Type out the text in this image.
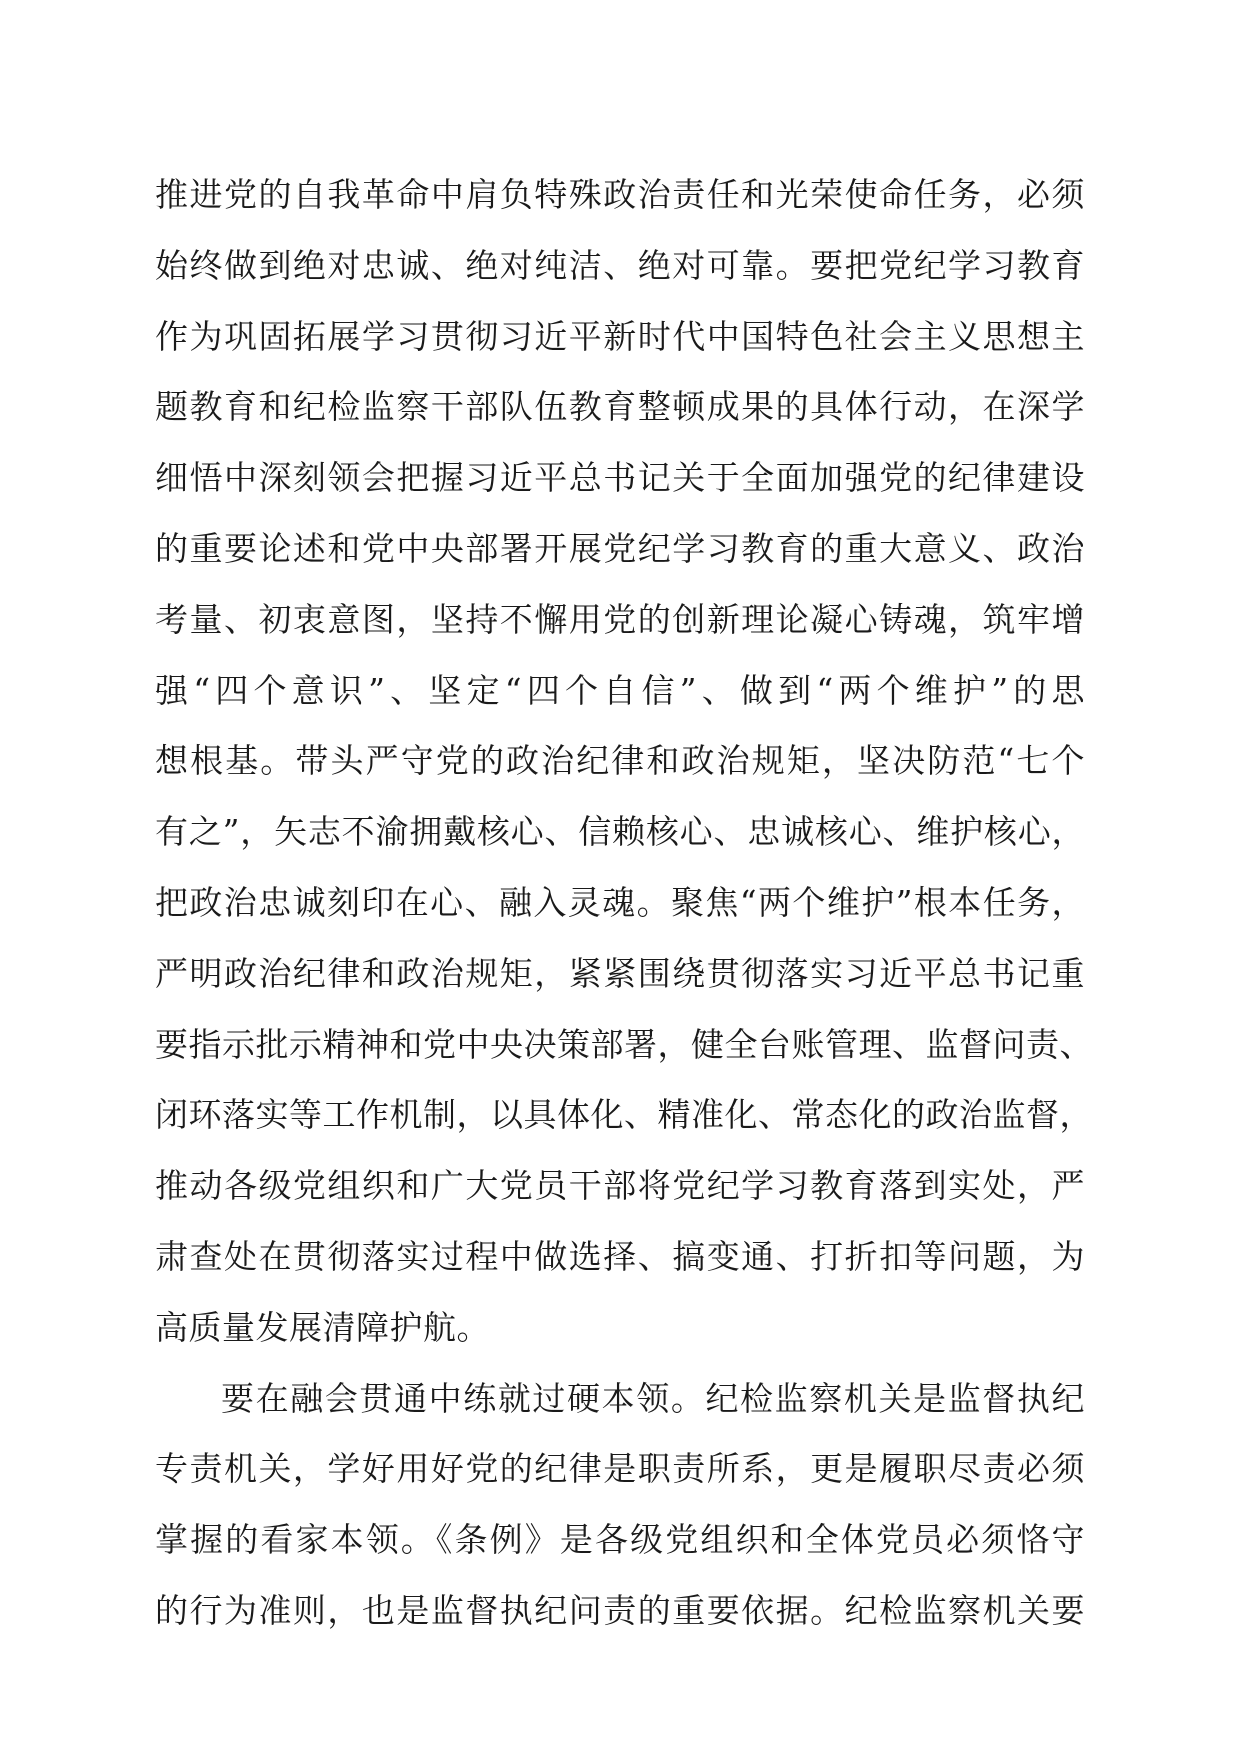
推进党的自我革命中肩负特殊政治责任和光荣使命任务，必须
始终做到绝对忠诚、绝对纯洁、绝对可靠。要把党纪学习教育
作为巩固拓展学习贯彻习近平新时代中国特色社会主义思想主
题教育和纪检监察干部队伍教育整顿成果的具体行动，在深学
细悟中深刻领会把握习近平总书记关于全面加强党的纪律建设
的重要论述和党中央部署开展党纪学习教育的重大意义、政治
考量、初衷意图，坚持不懈用党的创新理论凝心铸魂，筑牢增
强“四个意识”、坚定“四个自信”、做到“两个维护”的思
想根基。带头严守党的政治纪律和政治规矩，坚决防范“七个
有之”，矢志不渝拥戴核心、信赖核心、忠诚核心、维护核心，
把政治忠诚刻印在心、融入灵魂。聚焦“两个维护”根本任务，
严明政治纪律和政治规矩，紧紧围绕贯彻落实习近平总书记重
要指示批示精神和党中央决策部署，健全台账管理、监督问责、
闭环落实等工作机制，以具体化、精准化、常态化的政治监督，
推动各级党组织和广大党员干部将党纪学习教育落到实处，严
肃查处在贯彻落实过程中做选择、搞变通、打折扣等问题，为
高质量发展清障护航。
要在融会贯通中练就过硬本领。纪检监察机关是监督执纪
专责机关，学好用好党的纪律是职责所系，更是履职尽责必须
掌握的看家本领。《条例》是各级党组织和全体党员必须恪守
的行为准则，也是监督执纪问责的重要依据。纪检监察机关要
